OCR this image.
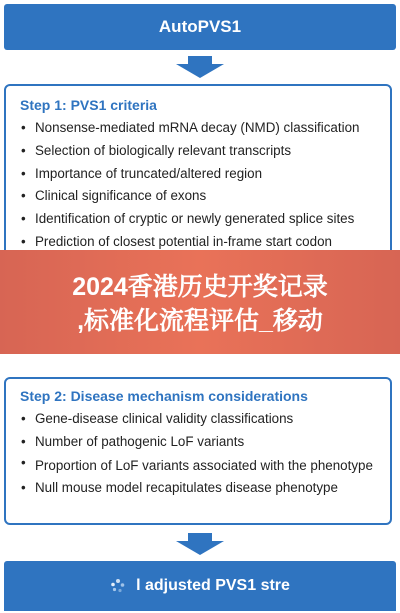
AutoPVS1
Step 1: PVS1 criteria
• Nonsense-mediated mRNA decay (NMD) classification
• Selection of biologically relevant transcripts
• Importance of truncated/altered region
• Clinical significance of exons
• Identification of cryptic or newly generated splice sites
• Prediction of closest potential in-frame start codon
•
2024香港历史开奖记录
,标准化流程评估_移动
Step 2: Disease mechanism considerations
• Gene-disease clinical validity classifications
• Number of pathogenic LoF variants
• Proportion of LoF variants associated with the phenotype
• Null mouse model recapitulates disease phenotype
l adjusted PVS1 stre
